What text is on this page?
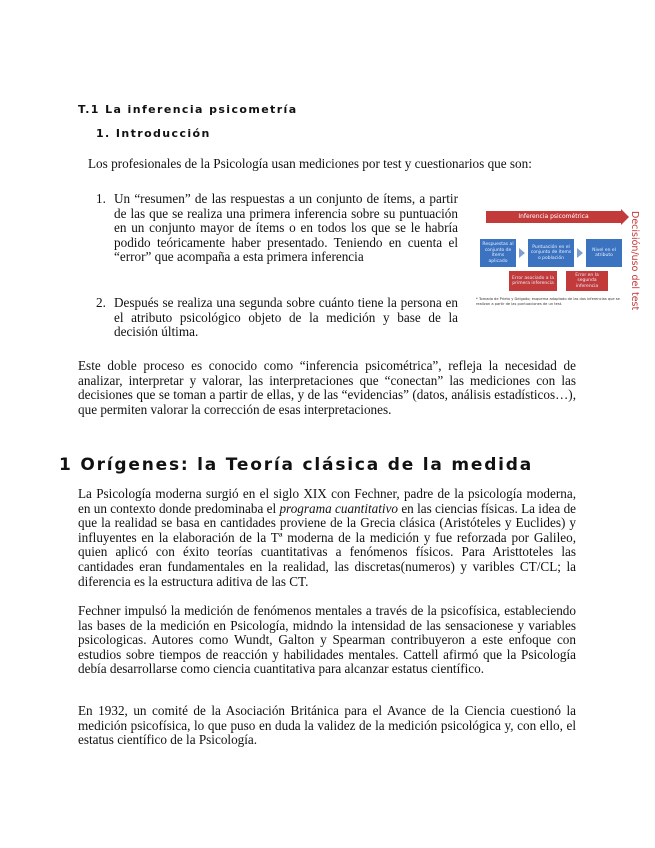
T.1 La inferencia psicometría
1. Introducción

Los profesionales de la Psicología usan mediciones por test y cuestionarios que son:

1. Un “resumen” de las respuestas a un conjunto de ítems, a partir de las que se realiza una primera inferencia sobre su puntuación en un conjunto mayor de ítems o en todos los que se le habría podido teóricamente haber presentado. Teniendo en cuenta el “error” que acompaña a esta primera inferencia
2. Después se realiza una segunda sobre cuánto tiene la persona en el atributo psicológico objeto de la medición y base de la decisión última.
Inferencia psicométrica
Respuestas al conjunto de ítems aplicado
Puntuación en el conjunto de ítems o población
Nivel en el atributo
Error asociado a la primera inferencia
Error en la segunda inferencia	Decisión/uso del test
* Tomado de Prieto y Delgado; esquema adaptado de las dos inferencias que se realizan a partir de las puntuaciones de un test.

Este doble proceso es conocido como “inferencia psicométrica”, refleja la necesidad de analizar, interpretar y valorar, las interpretaciones que “conectan” las mediciones con las decisiones que se toman a partir de ellas, y de las “evidencias” (datos, análisis estadísticos…), que permiten valorar la corrección de esas interpretaciones.

1 Orígenes: la Teoría clásica de la medida

La Psicología moderna surgió en el siglo XIX con Fechner, padre de la psicología moderna, en un contexto donde predominaba el programa cuantitativo en las ciencias físicas. La idea de que la realidad se basa en cantidades proviene de la Grecia clásica (Aristóteles y Euclides) y influyentes en la elaboración de la Tª moderna de la medición y fue reforzada por Galileo, quien aplicó con éxito teorías cuantitativas a fenómenos físicos. Para Aristtoteles las cantidades eran fundamentales en la realidad, las discretas(numeros) y varibles CT/CL; la diferencia es la estructura aditiva de las CT.

Fechner impulsó la medición de fenómenos mentales a través de la psicofísica, estableciendo las bases de la medición en Psicología, midndo la intensidad de las sensacionese y variables psicologicas. Autores como Wundt, Galton y Spearman contribuyeron a este enfoque con estudios sobre tiempos de reacción y habilidades mentales. Cattell afirmó que la Psicología debía desarrollarse como ciencia cuantitativa para alcanzar estatus científico.

En 1932, un comité de la Asociación Británica para el Avance de la Ciencia cuestionó la medición psicofísica, lo que puso en duda la validez de la medición psicológica y, con ello, el estatus científico de la Psicología.
